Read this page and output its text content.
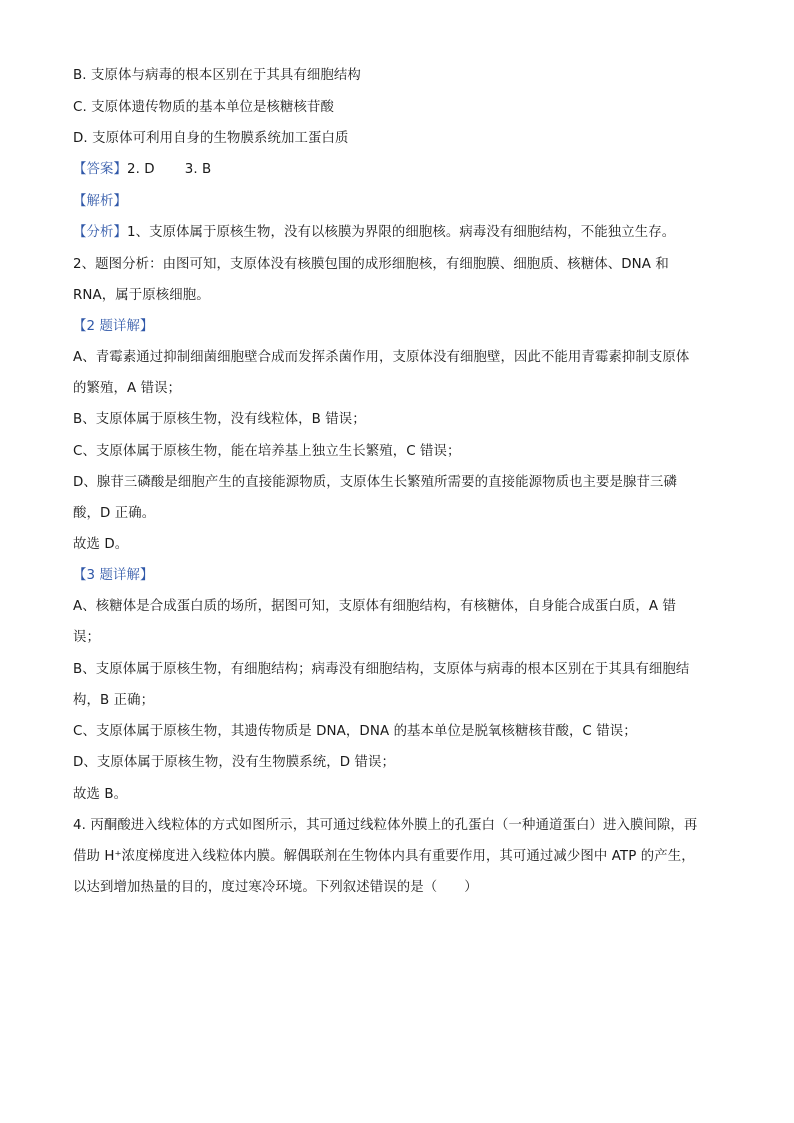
B. 支原体与病毒的根本区别在于其具有细胞结构
C. 支原体遗传物质的基本单位是核糖核苷酸
D. 支原体可利用自身的生物膜系统加工蛋白质
【答案】2. D 3. B
【解析】
【分析】1、支原体属于原核生物，没有以核膜为界限的细胞核。病毒没有细胞结构，不能独立生存。
2、题图分析：由图可知，支原体没有核膜包围的成形细胞核，有细胞膜、细胞质、核糖体、DNA 和
RNA，属于原核细胞。
【2 题详解】
A、青霉素通过抑制细菌细胞壁合成而发挥杀菌作用，支原体没有细胞壁，因此不能用青霉素抑制支原体
的繁殖，A 错误；
B、支原体属于原核生物，没有线粒体，B 错误；
C、支原体属于原核生物，能在培养基上独立生长繁殖，C 错误；
D、腺苷三磷酸是细胞产生的直接能源物质，支原体生长繁殖所需要的直接能源物质也主要是腺苷三磷
酸，D 正确。
故选 D。
【3 题详解】
A、核糖体是合成蛋白质的场所，据图可知，支原体有细胞结构，有核糖体，自身能合成蛋白质，A 错
误；
B、支原体属于原核生物，有细胞结构；病毒没有细胞结构，支原体与病毒的根本区别在于其具有细胞结
构，B 正确；
C、支原体属于原核生物，其遗传物质是 DNA，DNA 的基本单位是脱氧核糖核苷酸，C 错误；
D、支原体属于原核生物，没有生物膜系统，D 错误；
故选 B。
4. 丙酮酸进入线粒体的方式如图所示，其可通过线粒体外膜上的孔蛋白（一种通道蛋白）进入膜间隙，再
借助 H⁺浓度梯度进入线粒体内膜。解偶联剂在生物体内具有重要作用，其可通过减少图中 ATP 的产生，
以达到增加热量的目的，度过寒冷环境。下列叙述错误的是（　　）
